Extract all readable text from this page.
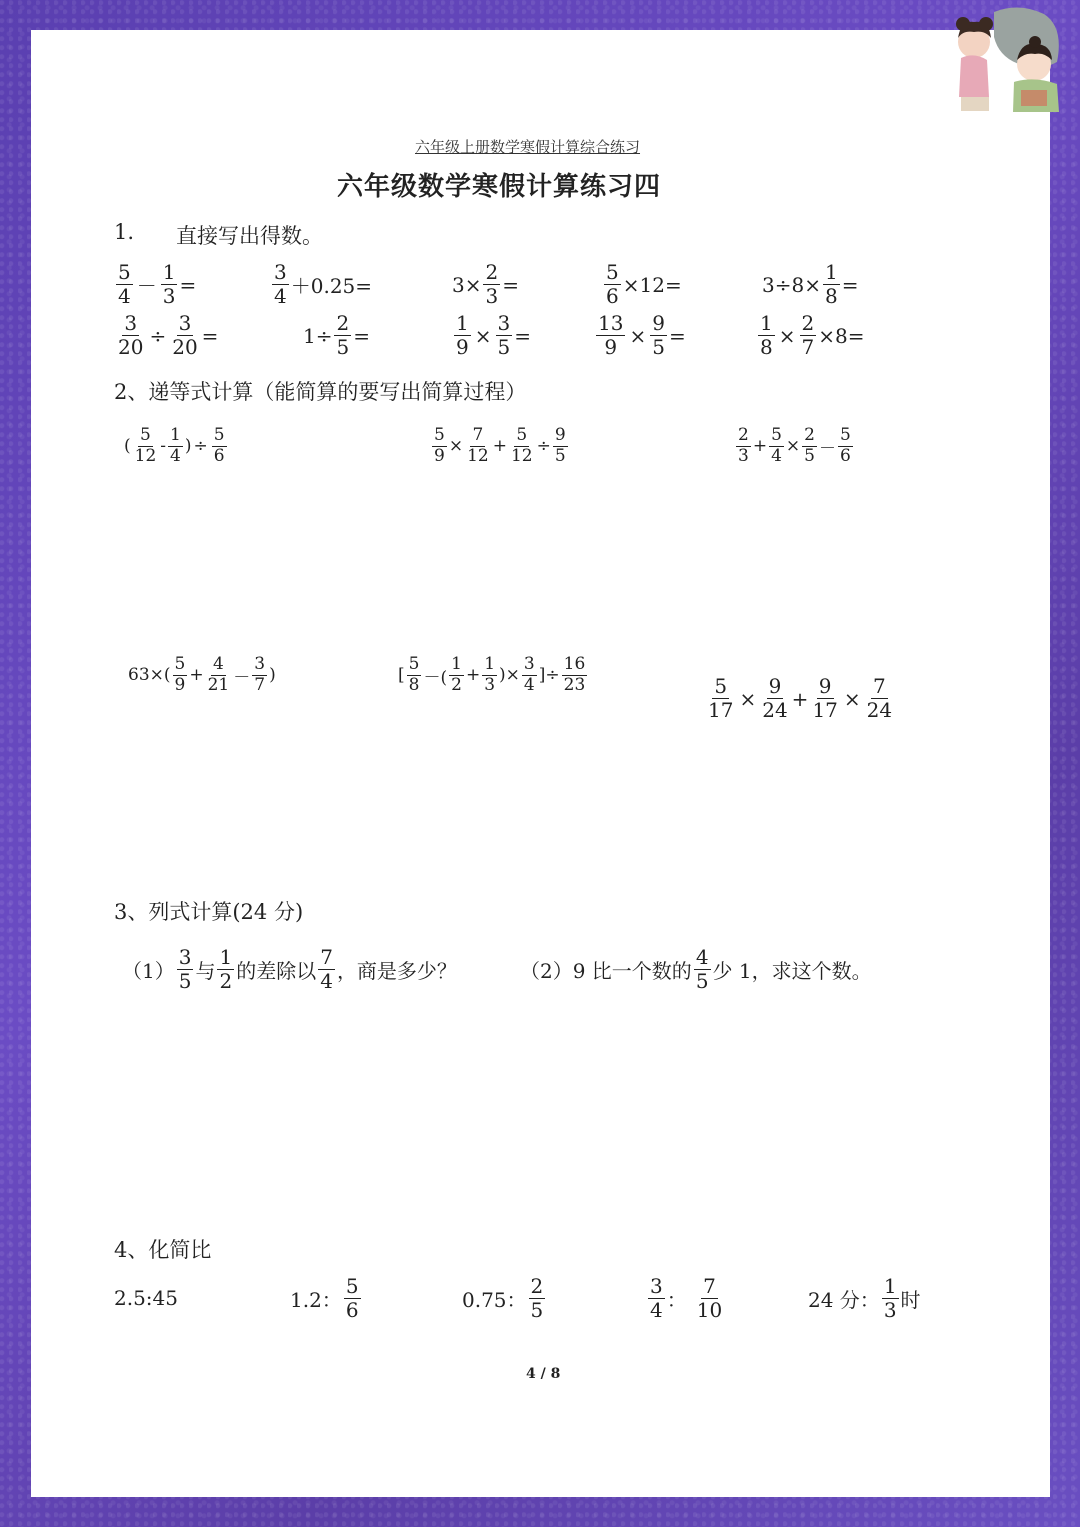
六年级上册数学寒假计算综合练习
六年级数学寒假计算练习四
1. 直接写出得数。
$\frac{5}{4} - \frac{1}{3}$ =	$\frac{3}{4} +0.25=$	$3\times \frac{2}{3}$ =	$\frac{5}{6} \times 12=$	$3\div 8\times \frac{1}{8}$ =
$\frac{3}{20} \div \frac{3}{20}$ =	$1\div \frac{2}{5}$ =	$\frac{1}{9} \times \frac{3}{5}$ =	$\frac{13}{9} \times \frac{9}{5}$ =	$\frac{1}{8} \times \frac{2}{7} \times 8=$
2、递等式计算（能简算的要写出简算过程）
( $\frac{5}{12} - \frac{1}{4}$ ) ÷ $\frac{5}{6}$	$\frac{5}{9} \times \frac{7}{12} + \frac{5}{12} \div \frac{9}{5}$	$\frac{2}{3} + \frac{5}{4} \times \frac{2}{5} - \frac{5}{6}$
$63\times( \frac{5}{9} + \frac{4}{21} - \frac{3}{7}$ )	[ $\frac{5}{8}$ －( $\frac{1}{2} + \frac{1}{3}$ )× $\frac{3}{4}$ ]÷ $\frac{16}{23}$
$\frac{5}{17} \times \frac{9}{24} + \frac{9}{17} \times \frac{7}{24}$
3、列式计算(24 分)
$(1) \frac{3}{5}$ 与 $\frac{1}{2}$ 的差除以 $\frac{7}{4}$ ，商是多少？	（2）9 比一个数的 $\frac{4}{5}$ 少 1，求这个数。
4、化简比
2.5:45	1.2： $\frac{5}{6}$	0.75： $\frac{2}{5}$	$\frac{3}{4}$ ： $\frac{7}{10}$	24 分： $\frac{1}{3}$ 时
4 / 8
